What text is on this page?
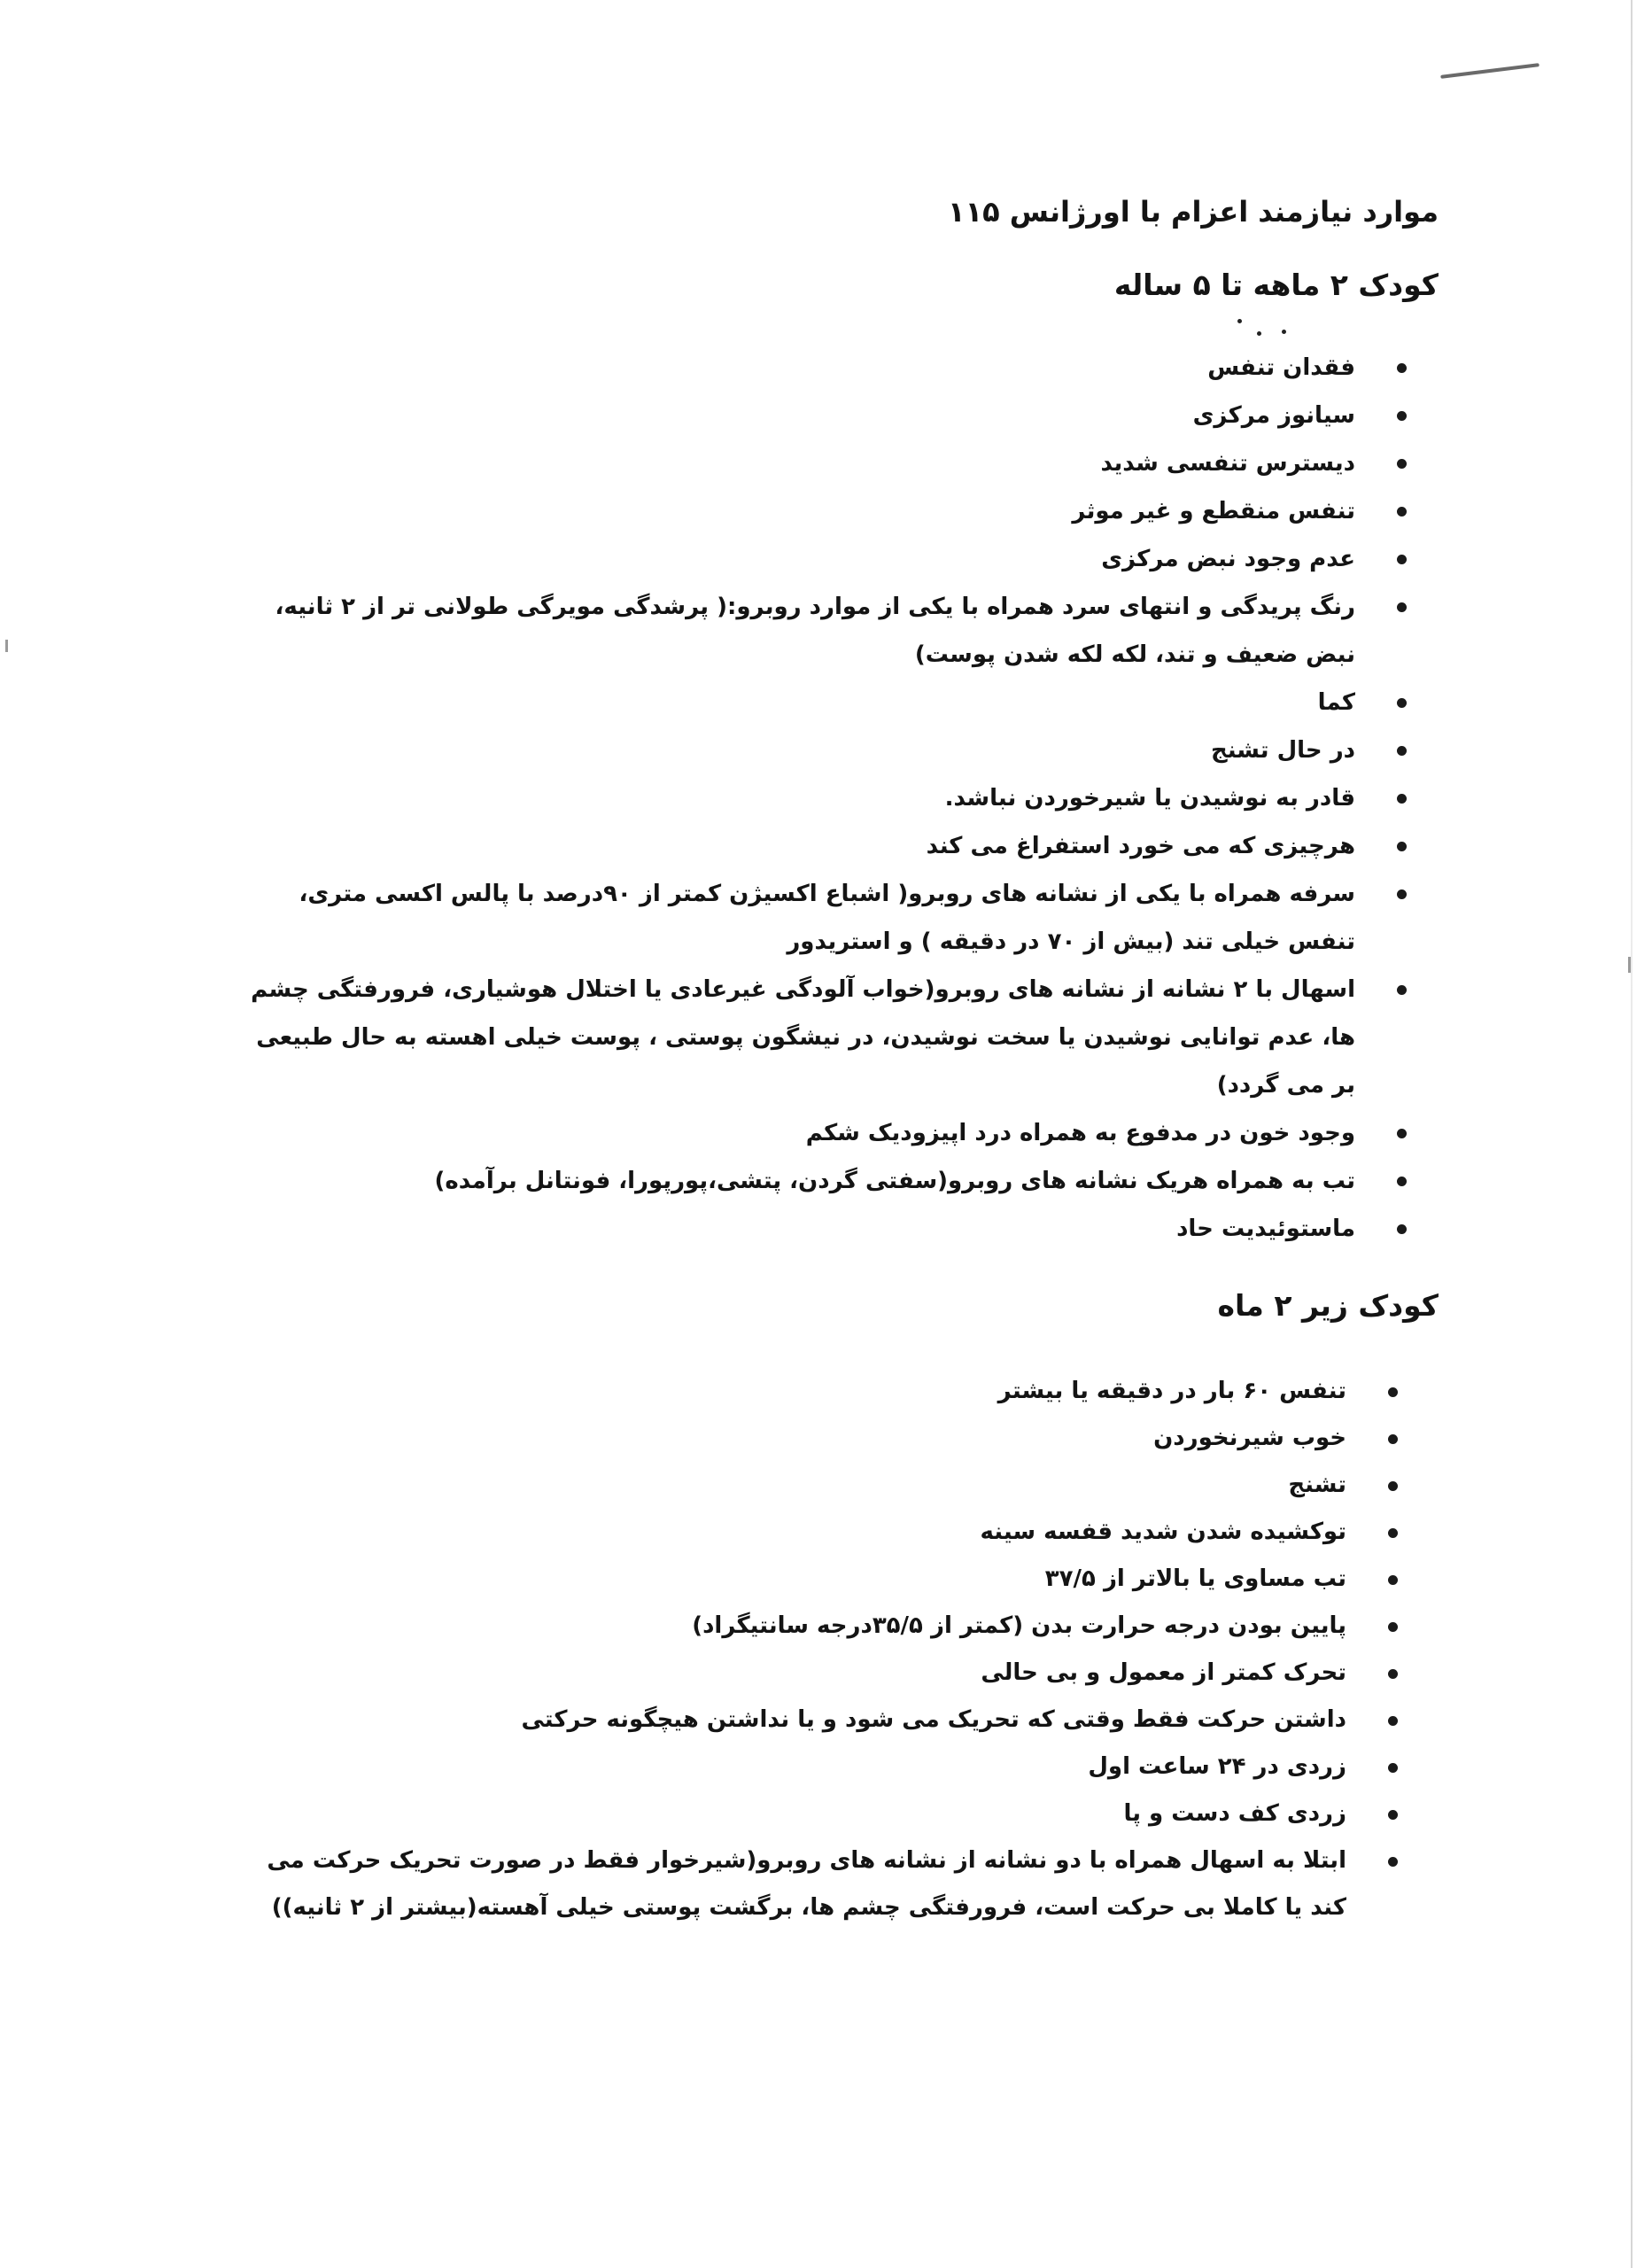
موارد نیازمند اعزام با اورژانس ۱۱۵
کودک ۲ ماهه تا ۵ ساله
فقدان تنفس
سیانوز مرکزی
دیسترس تنفسی شدید
تنفس منقطع و غیر موثر
عدم وجود نبض مرکزی
رنگ پریدگی و انتهای سرد همراه با یکی از موارد روبرو:( پرشدگی مویرگی طولانی تر از ۲ ثانیه، نبض ضعیف و تند، لکه لکه شدن پوست)
کما
در حال تشنج
قادر به نوشیدن یا شیرخوردن نباشد.
هرچیزی که می خورد استفراغ می کند
سرفه همراه با یکی از نشانه های روبرو( اشباع اکسیژن کمتر از ۹۰درصد با پالس اکسی متری، تنفس خیلی تند (بیش از ۷۰ در دقیقه ) و استریدور
اسهال با ۲ نشانه از نشانه های روبرو(خواب آلودگی غیرعادی یا اختلال هوشیاری، فرورفتگی چشم ها، عدم توانایی نوشیدن یا سخت نوشیدن، در نیشگون پوستی ، پوست خیلی اهسته به حال طبیعی بر می گردد)
وجود خون در مدفوع به همراه درد اپیزودیک شکم
تب به همراه هریک نشانه های روبرو(سفتی گردن، پتشی،پورپورا، فونتانل برآمده)
ماستوئیدیت حاد
کودک زیر ۲ ماه
تنفس ۶۰ بار در دقیقه یا بیشتر
خوب شیرنخوردن
تشنج
توکشیده شدن شدید قفسه سینه
تب مساوی یا بالاتر از ۳۷/۵
پایین بودن درجه حرارت بدن (کمتر از ۳۵/۵درجه سانتیگراد)
تحرک کمتر از معمول و بی حالی
داشتن حرکت فقط وقتی که تحریک می شود و یا نداشتن هیچگونه حرکتی
زردی در ۲۴ ساعت اول
زردی کف دست و پا
ابتلا به اسهال همراه با دو نشانه از نشانه های روبرو(شیرخوار فقط در صورت تحریک حرکت می کند یا کاملا بی حرکت است، فرورفتگی چشم ها، برگشت پوستی خیلی آهسته(بیشتر از ۲ ثانیه))
